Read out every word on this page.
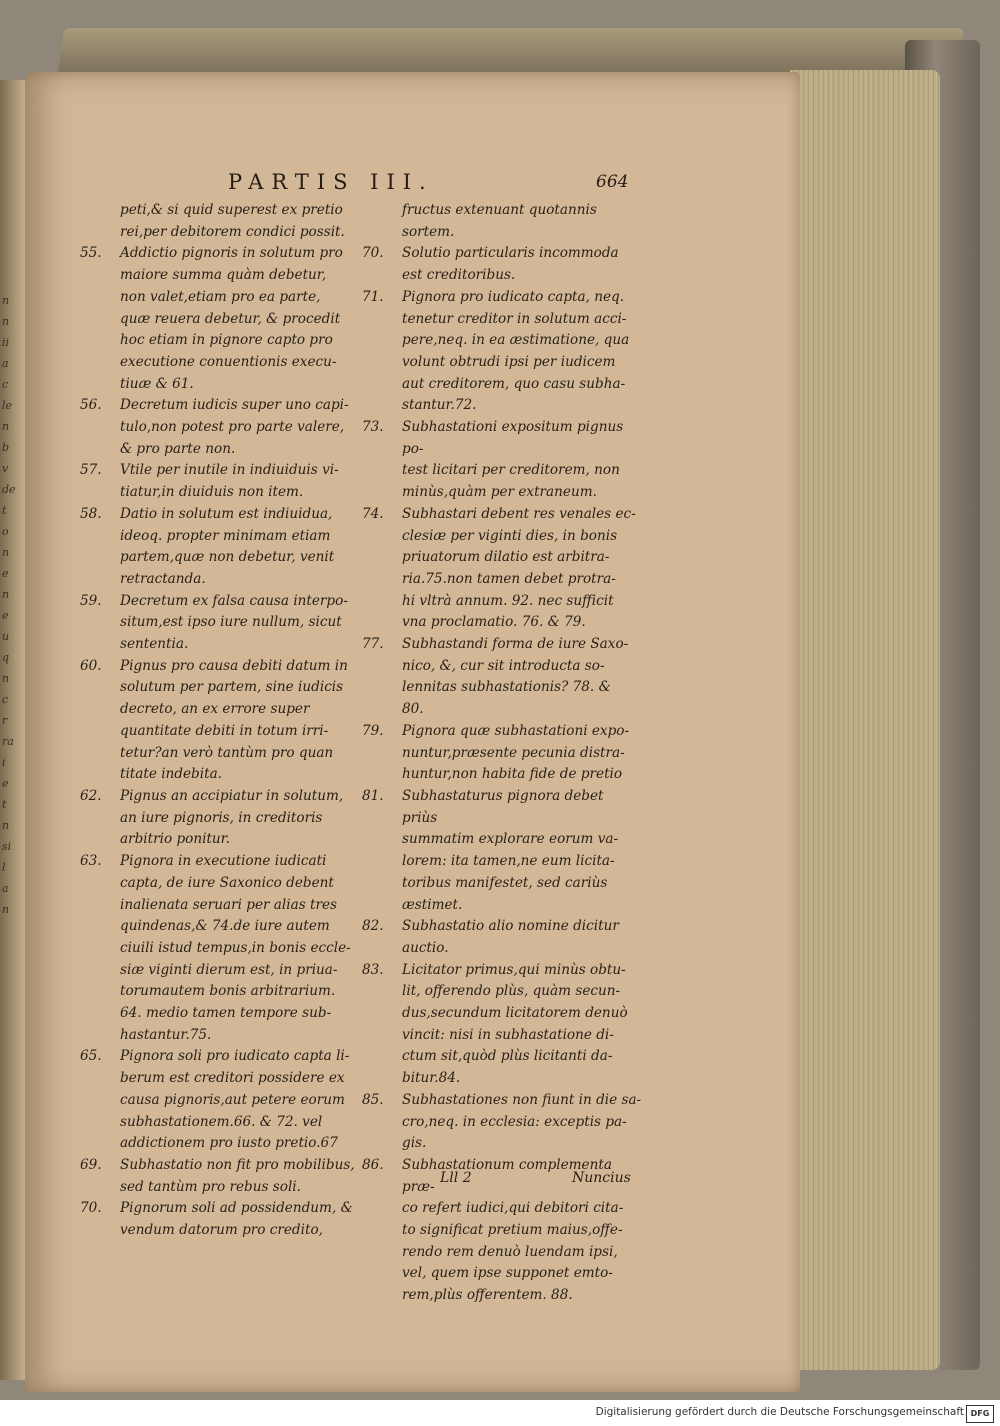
n
n
ii
a
c
le
n
b
v
de
t
o
n
e
n
e
u
q
n
c
r
ra
i
e
t
n
si
l
a
n
PARTIS III.	664
peti,& si quid superest ex pretio
rei,per debitorem condici possit.
55.	Addictio pignoris in solutum pro
maiore summa quàm debetur,
non valet,etiam pro ea parte,
quæ reuera debetur, & procedit
hoc etiam in pignore capto pro
executione conuentionis execu-
tiuæ & 61.
56.	Decretum iudicis super uno capi-
tulo,non potest pro parte valere,
& pro parte non.
57.	Vtile per inutile in indiuiduis vi-
tiatur,in diuiduis non item.
58.	Datio in solutum est indiuidua,
ideoq. propter minimam etiam
partem,quæ non debetur, venit
retractanda.
59.	Decretum ex falsa causa interpo-
situm,est ipso iure nullum, sicut
sententia.
60.	Pignus pro causa debiti datum in
solutum per partem, sine iudicis
decreto, an ex errore super
quantitate debiti in totum irri-
tetur?an verò tantùm pro quan
titate indebita.
62.	Pignus an accipiatur in solutum,
an iure pignoris, in creditoris
arbitrio ponitur.
63.	Pignora in executione iudicati
capta, de iure Saxonico debent
inalienata seruari per alias tres
quindenas,& 74.de iure autem
ciuili istud tempus,in bonis eccle-
siæ viginti dierum est, in priua-
torumautem bonis arbitrarium.
64. medio tamen tempore sub-
hastantur.75.
65.	Pignora soli pro iudicato capta li-
berum est creditori possidere ex
causa pignoris,aut petere eorum
subhastationem.66. & 72. vel
addictionem pro iusto pretio.67
69.	Subhastatio non fit pro mobilibus,
sed tantùm pro rebus soli.
70.	Pignorum soli ad possidendum, &
vendum datorum pro credito,
fructus extenuant quotannis
sortem.
70.	Solutio particularis incommoda
est creditoribus.
71.	Pignora pro iudicato capta, neq.
tenetur creditor in solutum acci-
pere,neq. in ea æstimatione, qua
volunt obtrudi ipsi per iudicem
aut creditorem, quo casu subha-
stantur.72.
73.	Subhastationi expositum pignus po-
test licitari per creditorem, non
minùs,quàm per extraneum.
74.	Subhastari debent res venales ec-
clesiæ per viginti dies, in bonis
priuatorum dilatio est arbitra-
ria.75.non tamen debet protra-
hi vltrà annum. 92. nec sufficit
vna proclamatio. 76. & 79.
77.	Subhastandi forma de iure Saxo-
nico, &, cur sit introducta so-
lennitas subhastationis? 78. &
80.
79.	Pignora quæ subhastationi expo-
nuntur,præsente pecunia distra-
huntur,non habita fide de pretio
81.	Subhastaturus pignora debet priùs
summatim explorare eorum va-
lorem: ita tamen,ne eum licita-
toribus manifestet, sed cariùs
æstimet.
82.	Subhastatio alio nomine dicitur
auctio.
83.	Licitator primus,qui minùs obtu-
lit, offerendo plùs, quàm secun-
dus,secundum licitatorem denuò
vincit: nisi in subhastatione di-
ctum sit,quòd plùs licitanti da-
bitur.84.
85.	Subhastationes non fiunt in die sa-
cro,neq. in ecclesia: exceptis pa-
gis.
86.	Subhastationum complementa præ-
co refert iudici,qui debitori cita-
to significat pretium maius,offe-
rendo rem denuò luendam ipsi,
vel, quem ipse supponet emto-
rem,plùs offerentem. 88.
Lll 2	Nuncius
Digitalisierung gefördert durch die Deutsche Forschungsgemeinschaft DFG
